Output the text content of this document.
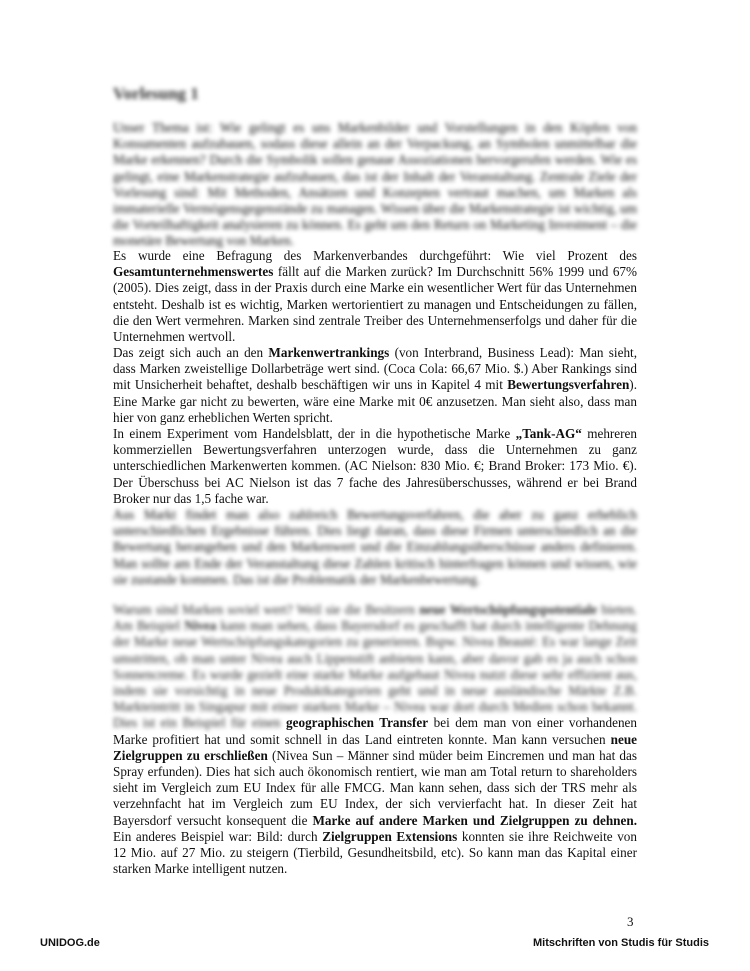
Vorlesung 1

Unser Thema ist: Wie gelingt es uns Markenbilder und Vorstellungen in den Köpfen von Konsumenten aufzubauen, sodass diese allein an der Verpackung, an Symbolen unmittelbar die Marke erkennen? Durch die Symbolik sollen genaue Assoziationen hervorgerufen werden. Wie es gelingt, eine Markenstrategie aufzubauen, das ist der Inhalt der Veranstaltung. Zentrale Ziele der Vorlesung sind: Mit Methoden, Ansätzen und Konzepten vertraut machen, um Marken als immaterielle Vermögensgegenstände zu managen. Wissen über die Markenstrategie ist wichtig, um die Vorteilhaftigkeit analysieren zu können. Es geht um den Return on Marketing Investment – die monetäre Bewertung von Marken.

Es wurde eine Befragung des Markenverbandes durchgeführt: Wie viel Prozent des Gesamtunternehmenswertes fällt auf die Marken zurück? Im Durchschnitt 56% 1999 und 67% (2005). Dies zeigt, dass in der Praxis durch eine Marke ein wesentlicher Wert für das Unternehmen entsteht. Deshalb ist es wichtig, Marken wertorientiert zu managen und Entscheidungen zu fällen, die den Wert vermehren. Marken sind zentrale Treiber des Unternehmenserfolgs und daher für die Unternehmen wertvoll.

Das zeigt sich auch an den Markenwertrankings (von Interbrand, Business Lead): Man sieht, dass Marken zweistellige Dollarbeträge wert sind. (Coca Cola: 66,67 Mio. $.) Aber Rankings sind mit Unsicherheit behaftet, deshalb beschäftigen wir uns in Kapitel 4 mit Bewertungsverfahren). Eine Marke gar nicht zu bewerten, wäre eine Marke mit 0€ anzusetzen. Man sieht also, dass man hier von ganz erheblichen Werten spricht.

In einem Experiment vom Handelsblatt, der in die hypothetische Marke „Tank-AG“ mehreren kommerziellen Bewertungsverfahren unterzogen wurde, dass die Unternehmen zu ganz unterschiedlichen Markenwerten kommen. (AC Nielson: 830 Mio. €; Brand Broker: 173 Mio. €). Der Überschuss bei AC Nielson ist das 7 fache des Jahresüberschusses, während er bei Brand Broker nur das 1,5 fache war.

Aus Markt findet man also zahlreich Bewertungsverfahren, die aber zu ganz erheblich unterschiedlichen Ergebnisse führen. Dies liegt daran, dass diese Firmen unterschiedlich an die Bewertung herangehen und den Markenwert und die Einzahlungsüberschüsse anders definieren. Man sollte am Ende der Veranstaltung diese Zahlen kritisch hinterfragen können und wissen, wie sie zustande kommen. Das ist die Problematik der Markenbewertung.

Warum sind Marken soviel wert? Weil sie die Besitzern neue Wertschöpfungspotentiale bieten. Am Beispiel Nivea kann man sehen, dass Bayersdorf es geschafft hat durch intelligente Dehnung der Marke neue Wertschöpfungskategorien zu generieren. Bspw. Nivea Beauté: Es war lange Zeit umstritten, ob man unter Nivea auch Lippenstift anbieten kann, aber davor gab es ja auch schon Sonnencreme. Es wurde gezielt eine starke Marke aufgebaut Nivea nutzt diese sehr effizient aus, indem sie vorsichtig in neue Produktkategorien geht und in neue ausländische Märkte Z.B. Markteintritt in Singapur mit einer starken Marke – Nivea war dort durch Medien schon bekannt. Dies ist ein Beispiel für einen geographischen Transfer bei dem man von einer vorhandenen Marke profitiert hat und somit schnell in das Land eintreten konnte. Man kann versuchen neue Zielgruppen zu erschließen (Nivea Sun – Männer sind müder beim Eincremen und man hat das Spray erfunden). Dies hat sich auch ökonomisch rentiert, wie man am Total return to shareholders sieht im Vergleich zum EU Index für alle FMCG. Man kann sehen, dass sich der TRS mehr als verzehnfacht hat im Vergleich zum EU Index, der sich vervierfacht hat. In dieser Zeit hat Bayersdorf versucht konsequent die Marke auf andere Marken und Zielgruppen zu dehnen. Ein anderes Beispiel war: Bild: durch Zielgruppen Extensions konnten sie ihre Reichweite von 12 Mio. auf 27 Mio. zu steigern (Tierbild, Gesundheitsbild, etc). So kann man das Kapital einer starken Marke intelligent nutzen.

3
UNIDOG.de	Mitschriften von Studis für Studis
